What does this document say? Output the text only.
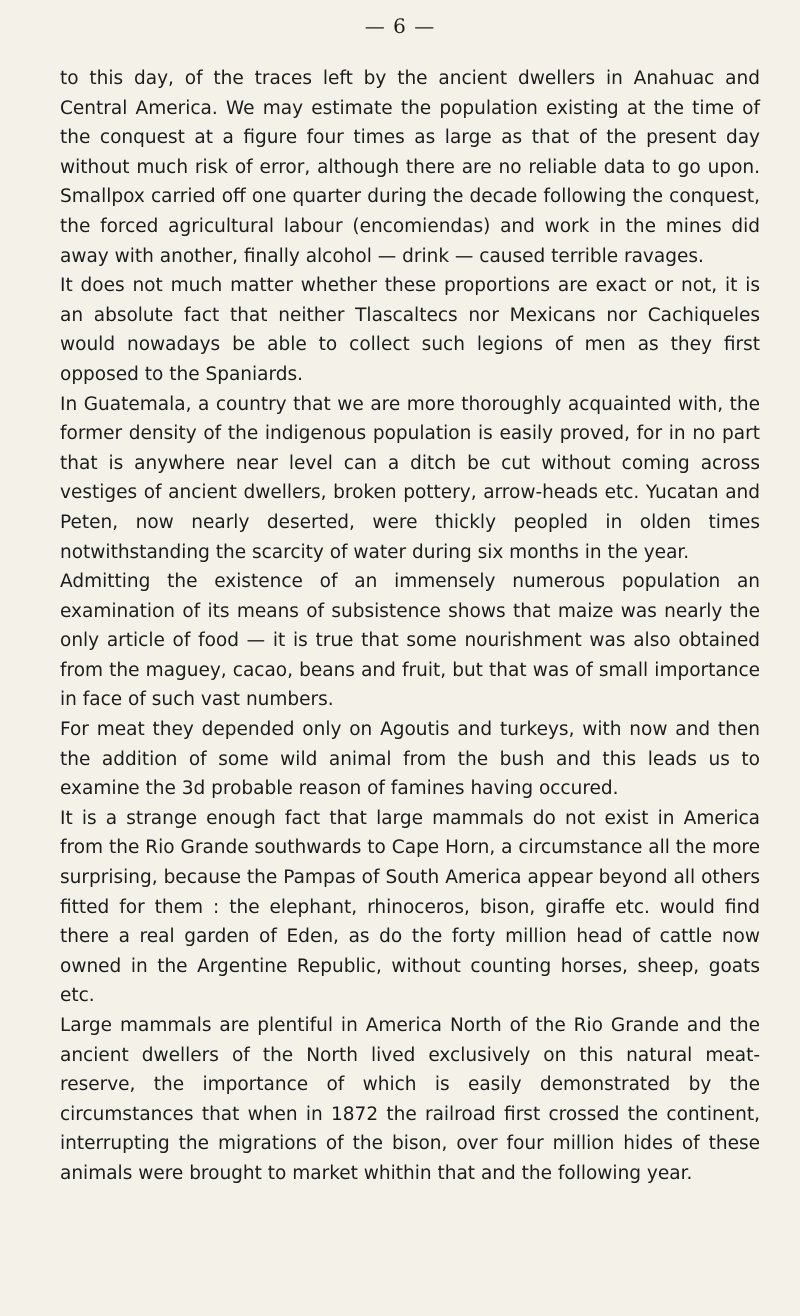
— 6 —

to this day, of the traces left by the ancient dwellers in Anahuac and Central America. We may estimate the population existing at the time of the conquest at a figure four times as large as that of the present day without much risk of error, although there are no reliable data to go upon. Smallpox carried off one quarter during the decade following the conquest, the forced agricultural labour (encomiendas) and work in the mines did away with another, finally alcohol — drink — caused terrible ravages.

It does not much matter whether these proportions are exact or not, it is an absolute fact that neither Tlascaltecs nor Mexicans nor Cachiqueles would nowadays be able to collect such legions of men as they first opposed to the Spaniards.

In Guatemala, a country that we are more thoroughly acquainted with, the former density of the indigenous population is easily proved, for in no part that is anywhere near level can a ditch be cut without coming across vestiges of ancient dwellers, broken pottery, arrow-heads etc. Yucatan and Peten, now nearly deserted, were thickly peopled in olden times notwithstanding the scarcity of water during six months in the year.

Admitting the existence of an immensely numerous population an examination of its means of subsistence shows that maize was nearly the only article of food — it is true that some nourishment was also obtained from the maguey, cacao, beans and fruit, but that was of small importance in face of such vast numbers.

For meat they depended only on Agoutis and turkeys, with now and then the addition of some wild animal from the bush and this leads us to examine the 3d probable reason of famines having occured.

It is a strange enough fact that large mammals do not exist in America from the Rio Grande southwards to Cape Horn, a circumstance all the more surprising, because the Pampas of South America appear beyond all others fitted for them : the elephant, rhinoceros, bison, giraffe etc. would find there a real garden of Eden, as do the forty million head of cattle now owned in the Argentine Republic, without counting horses, sheep, goats etc.

Large mammals are plentiful in America North of the Rio Grande and the ancient dwellers of the North lived exclusively on this natural meat-reserve, the importance of which is easily demonstrated by the circumstances that when in 1872 the railroad first crossed the continent, interrupting the migrations of the bison, over four million hides of these animals were brought to market whithin that and the following year.
